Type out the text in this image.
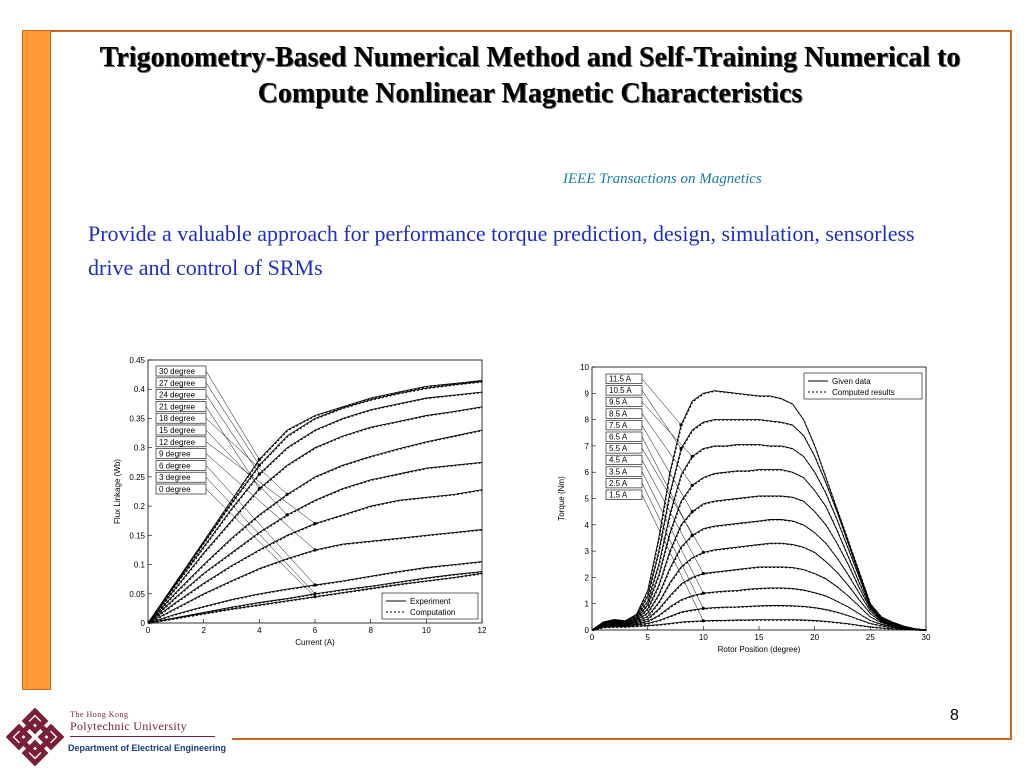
Trigonometry-Based Numerical Method and Self-Training Numerical to Compute Nonlinear Magnetic Characteristics
IEEE Transactions on Magnetics
Provide a valuable approach for performance torque prediction, design, simulation, sensorless drive and control of SRMs
0	2	4	6	8	10	12
0
0.05
0.1
0.15
0.2
0.25
0.3
0.35
0.4
0.45
Current (A)
Flux Linkage (Wb)
30 degree
27 degree
24 degree
21 degree
18 degree
15 degree
12 degree
9 degree
6 degree
3 degree
0 degree
Experiment
Computation
0	5	10	15	20	25	30
0
1
2
3
4
5
6
7
8
9
10
Rotor Position (degree)
Torque (Nm)
11.5 A
10.5 A
9.5 A
8.5 A
7.5 A
6.5 A
5.5 A
4.5 A
3.5 A
2.5 A
1.5 A
Given data
Computed results
8
The Hong Kong
Polytechnic University
Department of Electrical Engineering
